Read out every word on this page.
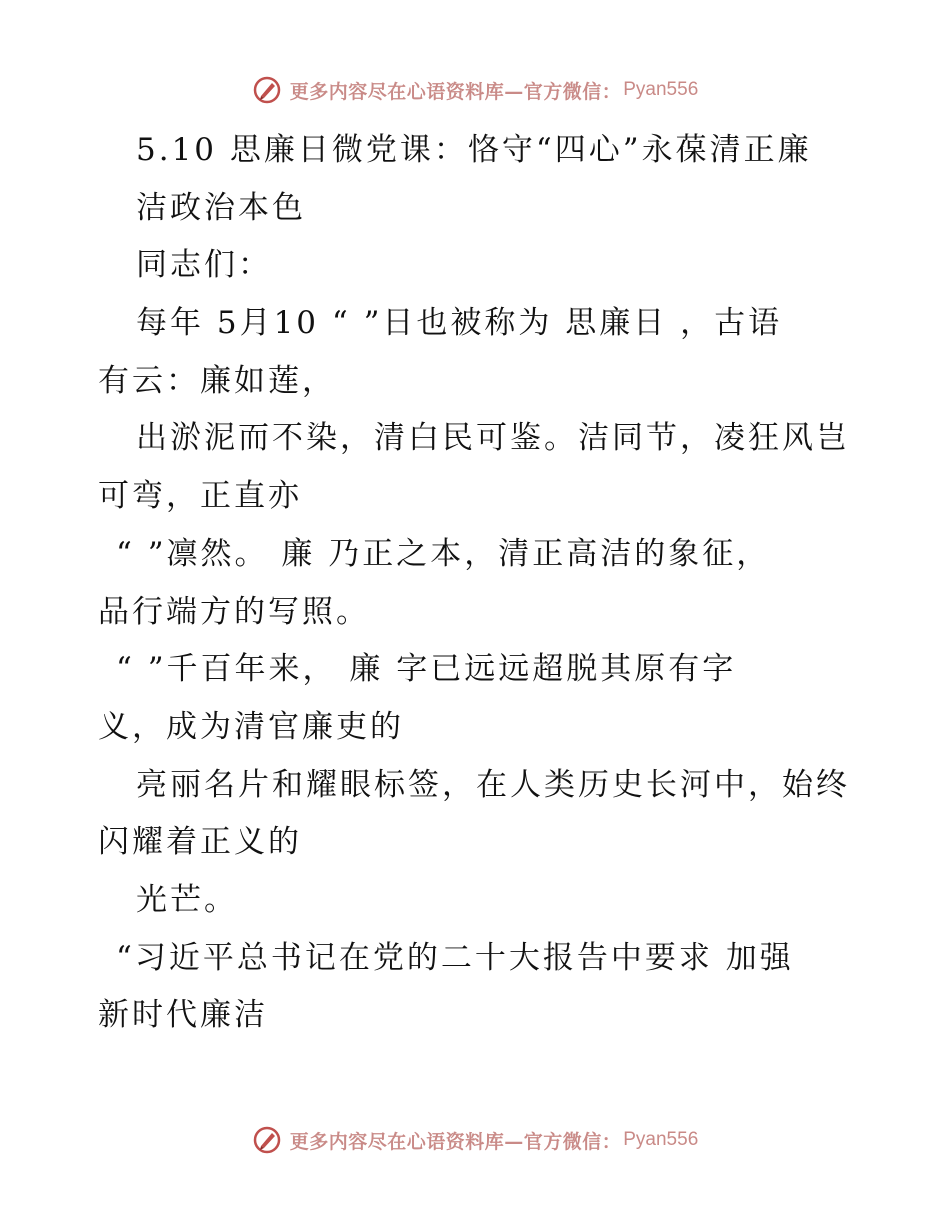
更多内容尽在心语资料库—官方微信： Pyan556
5.10 思廉日微党课：恪守“四心”永葆清正廉
洁政治本色
同志们：
每年 5月10 “ ”日也被称为 思廉日 ，古语
有云：廉如莲，
出淤泥而不染，清白民可鉴。洁同节，凌狂风岂
可弯，正直亦
“ ”凛然。 廉 乃正之本，清正高洁的象征，
品行端方的写照。
“ ”千百年来， 廉 字已远远超脱其原有字
义，成为清官廉吏的
亮丽名片和耀眼标签，在人类历史长河中，始终
闪耀着正义的
光芒。
“习近平总书记在党的二十大报告中要求 加强
新时代廉洁
更多内容尽在心语资料库—官方微信： Pyan556
